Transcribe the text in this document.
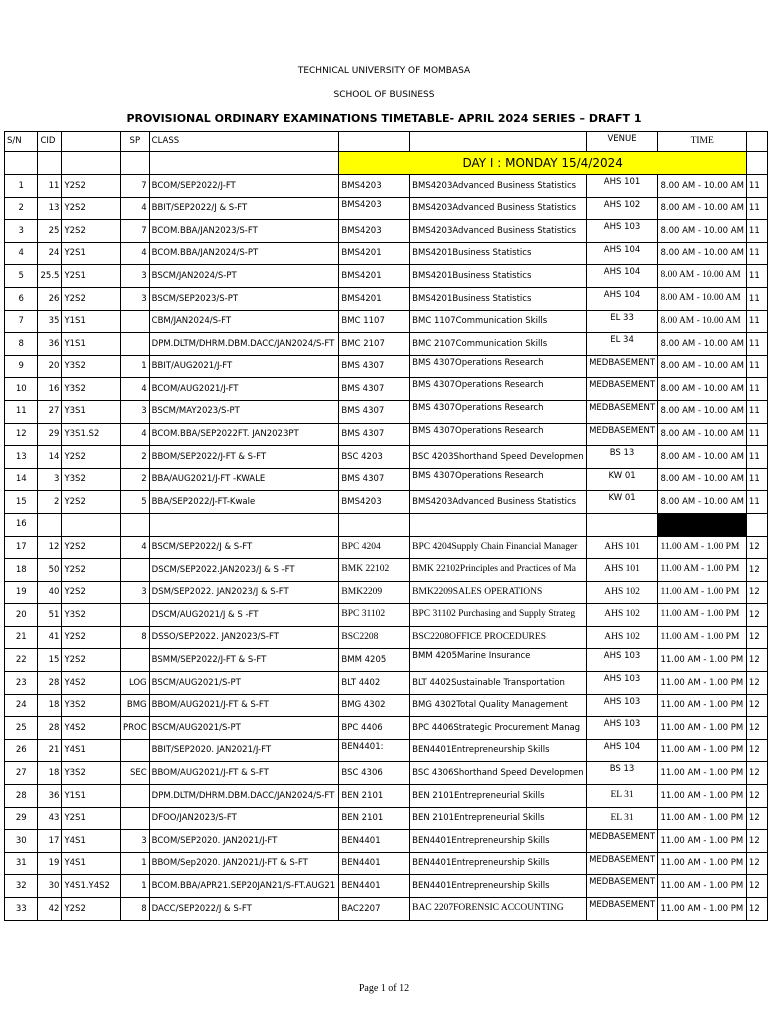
TECHNICAL UNIVERSITY OF MOMBASA
SCHOOL OF BUSINESS
PROVISIONAL ORDINARY EXAMINATIONS TIMETABLE- APRIL 2024 SERIES – DRAFT 1
S/N	CID		SP	CLASS			VENUE	TIME	
					DAY I : MONDAY 15/4/2024				
1	11	Y2S2	7	BCOM/SEP2022/J-FT	BMS4203	BMS4203Advanced Business Statistics	AHS 101	8.00 AM - 10.00 AM	11
2	13	Y2S2	4	BBIT/SEP2022/J & S-FT	BMS4203	BMS4203Advanced Business Statistics	AHS 102	8.00 AM - 10.00 AM	11
3	25	Y2S2	7	BCOM.BBA/JAN2023/S-FT	BMS4203	BMS4203Advanced Business Statistics	AHS 103	8.00 AM - 10.00 AM	11
4	24	Y2S1	4	BCOM.BBA/JAN2024/S-PT	BMS4201	BMS4201Business Statistics	AHS 104	8.00 AM - 10.00 AM	11
5	25.5	Y2S1	3	BSCM/JAN2024/S-PT	BMS4201	BMS4201Business Statistics	AHS 104	8.00 AM - 10.00 AM	11
6	26	Y2S2	3	BSCM/SEP2023/S-PT	BMS4201	BMS4201Business Statistics	AHS 104	8.00 AM - 10.00 AM	11
7	35	Y1S1		CBM/JAN2024/S-FT	BMC 1107	BMC 1107Communication Skills	EL 33	8.00 AM - 10.00 AM	11
8	36	Y1S1		DPM.DLTM/DHRM.DBM.DACC/JAN2024/S-FT	BMC 2107	BMC 2107Communication Skills	EL 34	8.00 AM - 10.00 AM	11
9	20	Y3S2	1	BBIT/AUG2021/J-FT	BMS 4307	BMS 4307Operations Research	MEDBASEMENT	8.00 AM - 10.00 AM	11
10	16	Y3S2	4	BCOM/AUG2021/J-FT	BMS 4307	BMS 4307Operations Research	MEDBASEMENT	8.00 AM - 10.00 AM	11
11	27	Y3S1	3	BSCM/MAY2023/S-PT	BMS 4307	BMS 4307Operations Research	MEDBASEMENT	8.00 AM - 10.00 AM	11
12	29	Y3S1.S2	4	BCOM.BBA/SEP2022FT. JAN2023PT	BMS 4307	BMS 4307Operations Research	MEDBASEMENT	8.00 AM - 10.00 AM	11
13	14	Y2S2	2	BBOM/SEP2022/J-FT & S-FT	BSC 4203	BSC 4203Shorthand Speed Developmen	BS 13	8.00 AM - 10.00 AM	11
14	3	Y3S2	2	BBA/AUG2021/J-FT -KWALE	BMS 4307	BMS 4307Operations Research	KW 01	8.00 AM - 10.00 AM	11
15	2	Y2S2	5	BBA/SEP2022/J-FT-Kwale	BMS4203	BMS4203Advanced Business Statistics	KW 01	8.00 AM - 10.00 AM	11
16									
17	12	Y2S2	4	BSCM/SEP2022/J & S-FT	BPC 4204	BPC 4204Supply Chain Financial Manager	AHS 101	11.00 AM - 1.00 PM	12
18	50	Y2S2		DSCM/SEP2022.JAN2023/J & S -FT	BMK 22102	BMK 22102Principles and Practices of Ma	AHS 101	11.00 AM - 1.00 PM	12
19	40	Y2S2	3	DSM/SEP2022. JAN2023/J & S-FT	BMK2209	BMK2209SALES OPERATIONS	AHS 102	11.00 AM - 1.00 PM	12
20	51	Y3S2		DSCM/AUG2021/J & S -FT	BPC 31102	BPC 31102 Purchasing and Supply Strateg	AHS 102	11.00 AM - 1.00 PM	12
21	41	Y2S2	8	DSSO/SEP2022. JAN2023/S-FT	BSC2208	BSC2208OFFICE PROCEDURES	AHS 102	11.00 AM - 1.00 PM	12
22	15	Y2S2		BSMM/SEP2022/J-FT & S-FT	BMM 4205	BMM 4205Marine Insurance	AHS 103	11.00 AM - 1.00 PM	12
23	28	Y4S2	LOG	BSCM/AUG2021/S-PT	BLT 4402	BLT 4402Sustainable Transportation	AHS 103	11.00 AM - 1.00 PM	12
24	18	Y3S2	BMG	BBOM/AUG2021/J-FT & S-FT	BMG 4302	BMG 4302Total Quality Management	AHS 103	11.00 AM - 1.00 PM	12
25	28	Y4S2	PROC	BSCM/AUG2021/S-PT	BPC 4406	BPC 4406Strategic Procurement Manag	AHS 103	11.00 AM - 1.00 PM	12
26	21	Y4S1		BBIT/SEP2020. JAN2021/J-FT	BEN4401:	BEN4401Entrepreneurship Skills	AHS 104	11.00 AM - 1.00 PM	12
27	18	Y3S2	SEC	BBOM/AUG2021/J-FT & S-FT	BSC 4306	BSC 4306Shorthand Speed Developmen	BS 13	11.00 AM - 1.00 PM	12
28	36	Y1S1		DPM.DLTM/DHRM.DBM.DACC/JAN2024/S-FT	BEN 2101	BEN 2101Entrepreneurial Skills	EL 31	11.00 AM - 1.00 PM	12
29	43	Y2S1		DFOO/JAN2023/S-FT	BEN 2101	BEN 2101Entrepreneurial Skills	EL 31	11.00 AM - 1.00 PM	12
30	17	Y4S1	3	BCOM/SEP2020. JAN2021/J-FT	BEN4401	BEN4401Entrepreneurship Skills	MEDBASEMENT	11.00 AM - 1.00 PM	12
31	19	Y4S1	1	BBOM/Sep2020. JAN2021/J-FT & S-FT	BEN4401	BEN4401Entrepreneurship Skills	MEDBASEMENT	11.00 AM - 1.00 PM	12
32	30	Y4S1.Y4S2	1	BCOM.BBA/APR21.SEP20JAN21/S-FT.AUG21	BEN4401	BEN4401Entrepreneurship Skills	MEDBASEMENT	11.00 AM - 1.00 PM	12
33	42	Y2S2	8	DACC/SEP2022/J & S-FT	BAC2207	BAC 2207FORENSIC ACCOUNTING	MEDBASEMENT	11.00 AM - 1.00 PM	12
Page 1 of 12
